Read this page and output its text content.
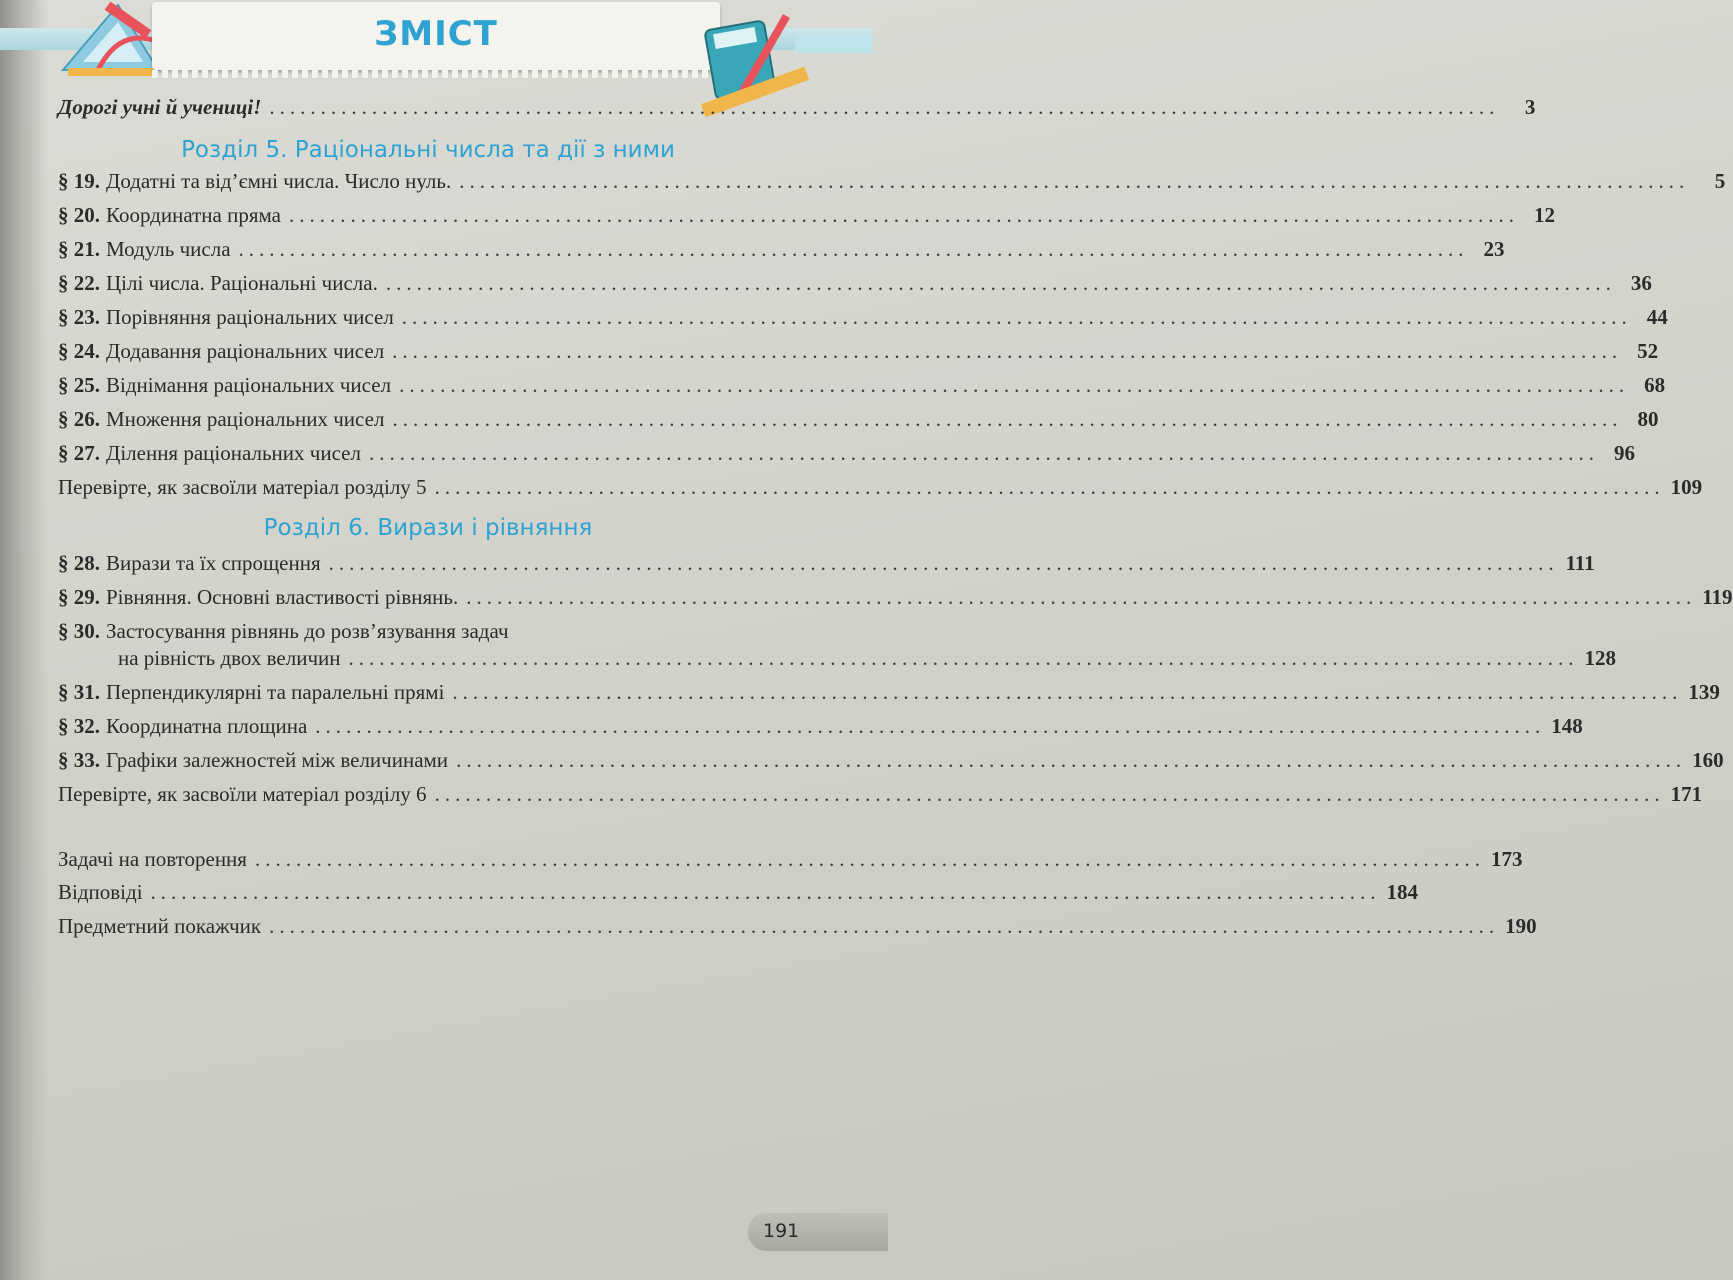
ЗМІСТ
Дорогі учні й учениці! ........................................................................................................................	3
Розділ 5. Раціональні числа та дії з ними
§ 19. Додатні та від’ємні числа. Число нуль. ........................................................................................................................	5
§ 20. Координатна пряма ........................................................................................................................ 12
§ 21. Модуль числа ........................................................................................................................ 23
§ 22. Цілі числа. Раціональні числа. ........................................................................................................................ 36
§ 23. Порівняння раціональних чисел ........................................................................................................................ 44
§ 24. Додавання раціональних чисел ........................................................................................................................ 52
§ 25. Віднімання раціональних чисел ........................................................................................................................ 68
§ 26. Множення раціональних чисел ........................................................................................................................ 80
§ 27. Ділення раціональних чисел ........................................................................................................................ 96
Перевірте, як засвоїли матеріал розділу 5 ........................................................................................................................ 109
Розділ 6. Вирази і рівняння
§ 28. Вирази та їх спрощення ........................................................................................................................ 111
§ 29. Рівняння. Основні властивості рівнянь. ........................................................................................................................ 119
§ 30. Застосування рівнянь до розв’язування задач
на рівність двох величин ........................................................................................................................ 128
§ 31. Перпендикулярні та паралельні прямі ........................................................................................................................ 139
§ 32. Координатна площина ........................................................................................................................ 148
§ 33. Графіки залежностей між величинами ........................................................................................................................ 160
Перевірте, як засвоїли матеріал розділу 6 ........................................................................................................................ 171
Задачі на повторення ........................................................................................................................ 173
Відповіді ........................................................................................................................ 184
Предметний покажчик ........................................................................................................................ 190
191
